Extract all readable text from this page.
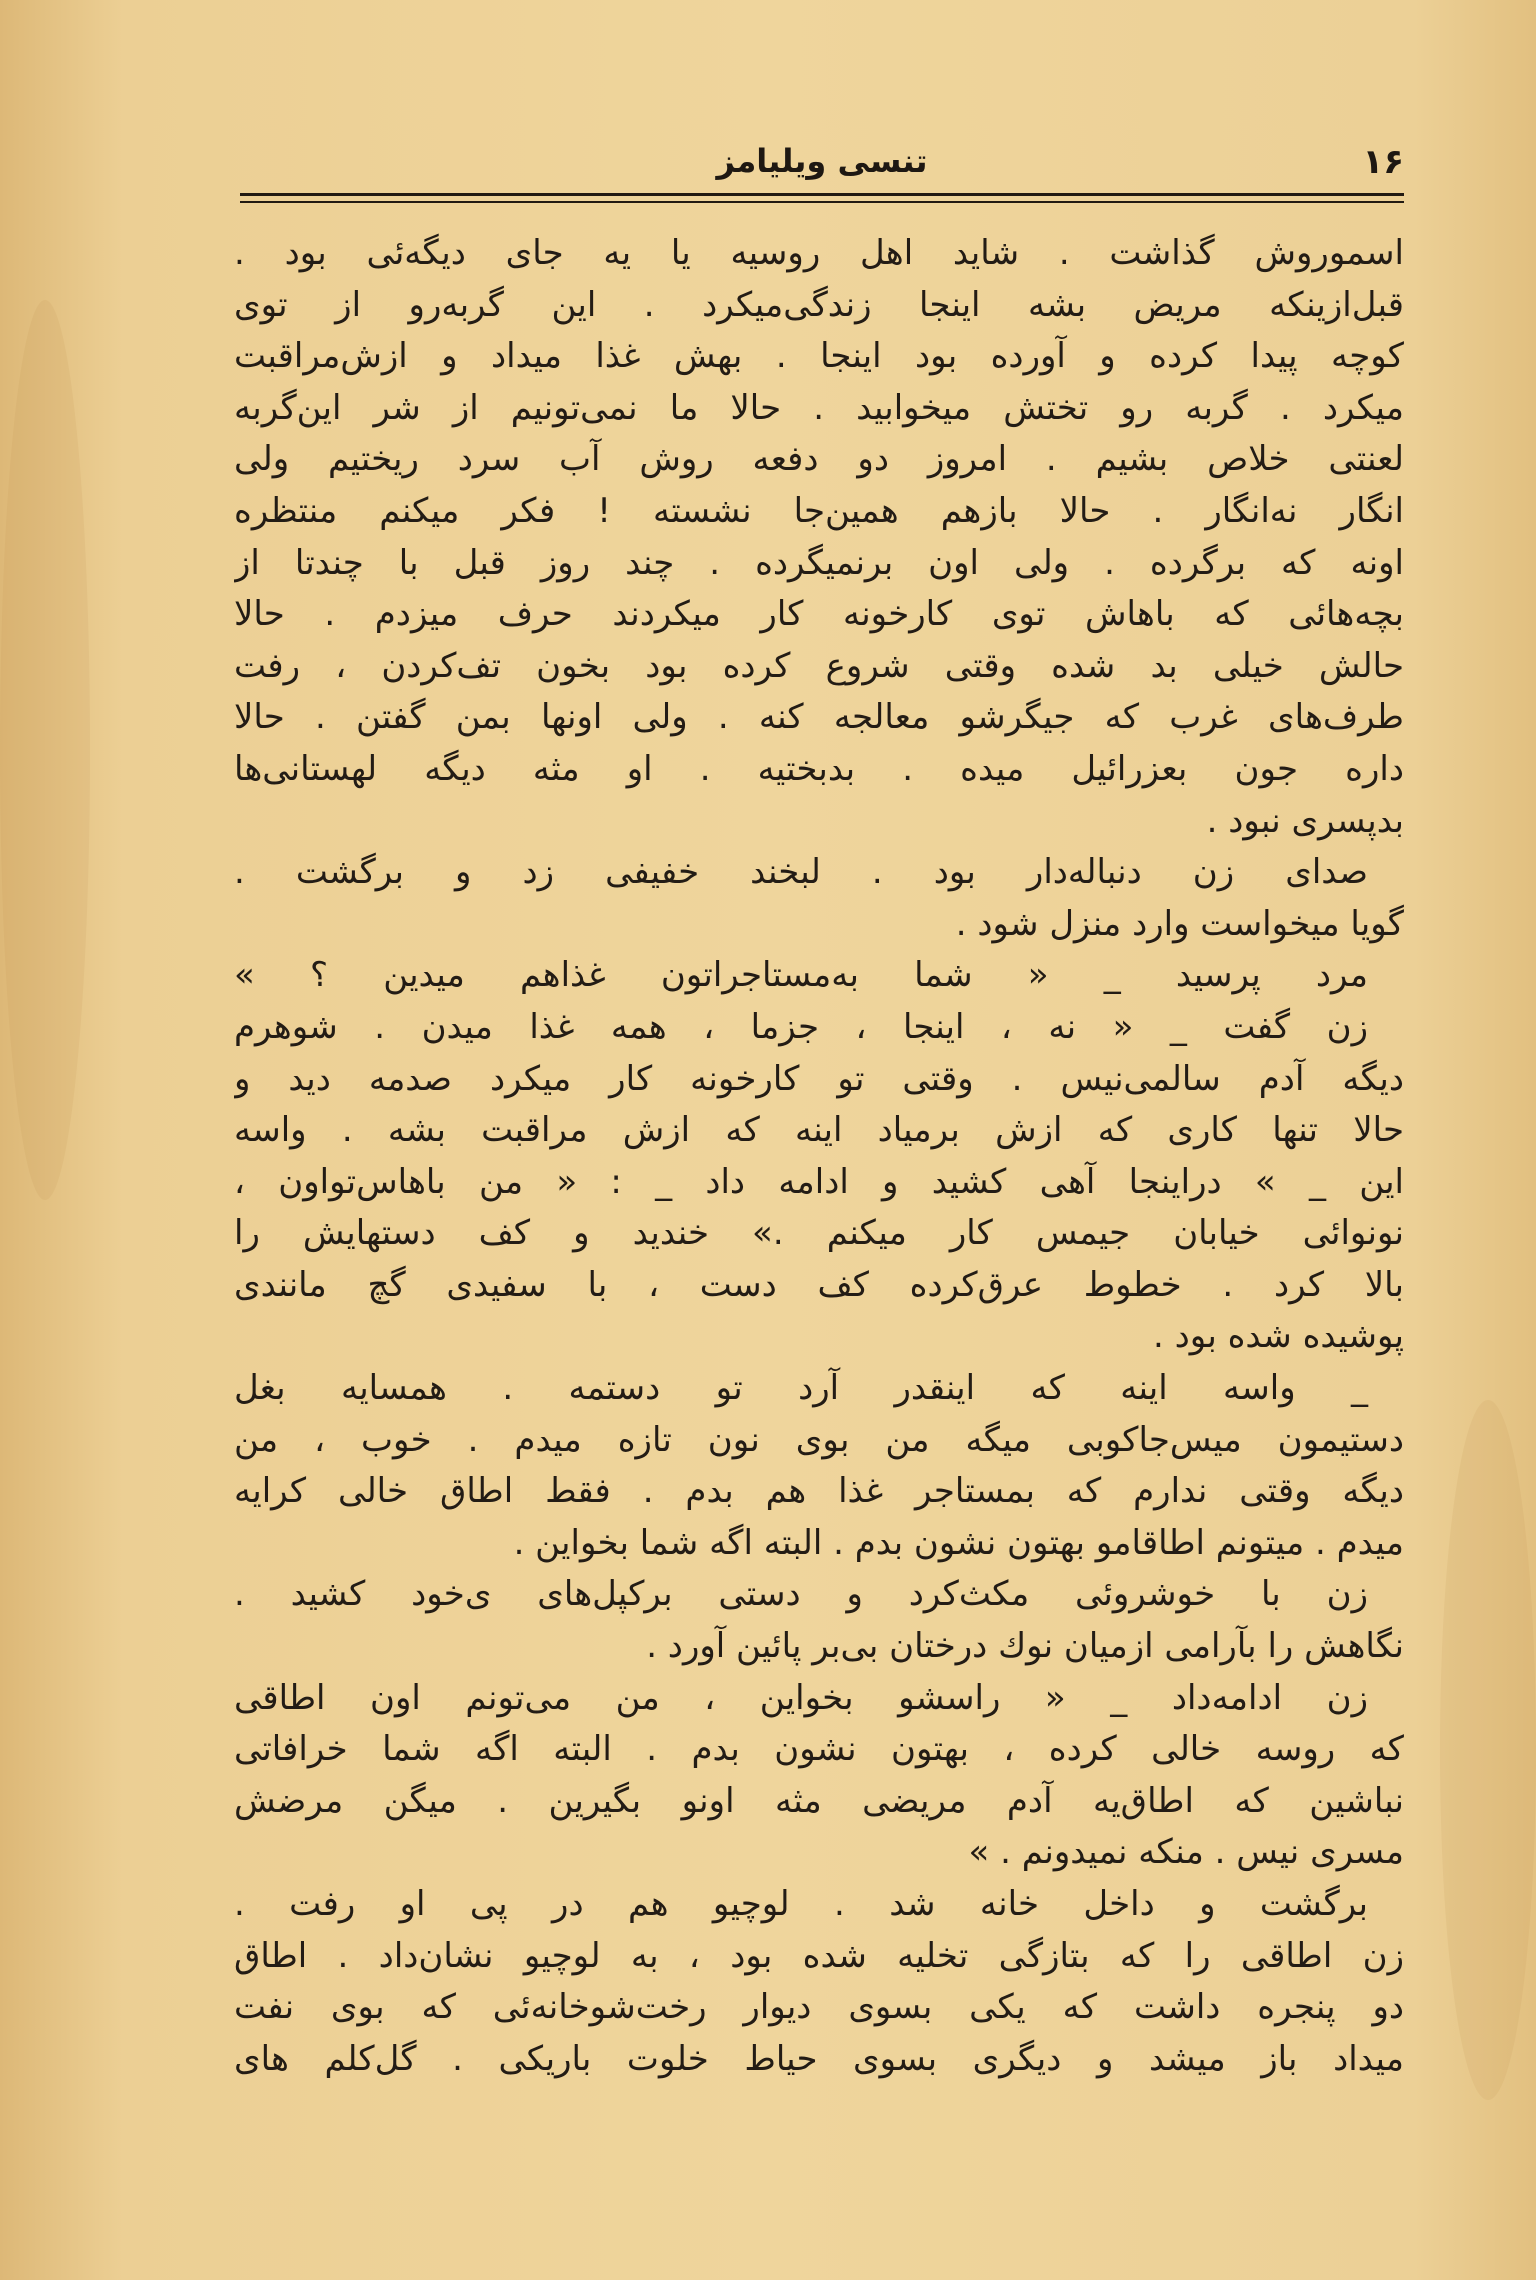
تنسی ویلیامز	۱۶
اسموروش گذاشت . شاید اهل روسیه یا یه جای دیگه‌ئی بود .
قبل‌ازینکه مریض بشه اینجا زندگی‌میکرد . این گربه‌رو از توی
کوچه پیدا کرده و آورده بود اینجا . بهش غذا میداد و ازش‌مراقبت
میکرد . گربه رو تختش میخوابید . حالا ما نمی‌تونیم از شر این‌گربه
لعنتی خلاص بشیم . امروز دو دفعه روش آب سرد ریختیم ولی
انگار نه‌انگار . حالا بازهم همین‌جا نشسته ! فکر میکنم منتظره
اونه که برگرده . ولی اون برنمیگرده . چند روز قبل با چندتا از
بچه‌هائی که باهاش توی کارخونه کار میکردند حرف میزدم . حالا
حالش خیلی بد شده وقتی شروع کرده بود بخون تف‌کردن ، رفت
طرف‌های غرب که جیگرشو معالجه کنه . ولی اونها بمن گفتن . حالا
داره جون بعزرائیل میده . بدبختیه . او مثه دیگه لهستانی‌ها
بدپسری نبود .
صدای زن دنباله‌دار بود . لبخند خفیفی زد و برگشت .
گویا میخواست وارد منزل شود .
مرد پرسید _ « شما به‌مستاجراتون غذاهم میدین ؟ »
زن گفت _ « نه ، اینجا ، جزما ، همه غذا میدن . شوهرم
دیگه آدم سالمی‌نیس . وقتی تو کارخونه کار میکرد صدمه دید و
حالا تنها کاری که ازش برمیاد اینه که ازش مراقبت بشه . واسه
این _ » دراینجا آهی کشید و ادامه داد _ : « من باهاس‌تواون ،
نونوائی خیابان جیمس کار میکنم .» خندید و کف دستهایش را
بالا کرد . خطوط عرق‌کرده کف دست ، با سفیدی گچ مانندی
پوشیده شده بود .
_ واسه اینه که اینقدر آرد تو دستمه . همسایه بغل
دستیمون میس‌جاکوبی میگه من بوی نون تازه میدم . خوب ، من
دیگه وقتی ندارم که بمستاجر غذا هم بدم . فقط اطاق خالی کرایه
میدم . میتونم اطاقامو بهتون نشون بدم . البته اگه شما بخواین .
زن با خوشروئی مکث‌کرد و دستی برکپل‌های ی‌خود کشید .
نگاهش را بآرامی ازمیان نوك درختان بی‌بر پائین آورد .
زن ادامه‌داد _ « راسشو بخواین ، من می‌تونم اون اطاقی
که روسه خالی کرده ، بهتون نشون بدم . البته اگه شما خرافاتی
نباشین که اطاق‌یه آدم مریضی مثه اونو بگیرین . میگن مرضش
مسری نیس . منکه نمیدونم . »
برگشت و داخل خانه شد . لوچیو هم در پی او رفت .
زن اطاقی را که بتازگی تخلیه شده بود ، به لوچیو نشان‌داد . اطاق
دو پنجره داشت که یکی بسوی دیوار رخت‌شوخانه‌ئی که بوی نفت
میداد باز میشد و دیگری بسوی حیاط خلوت باریکی . گل‌کلم های
